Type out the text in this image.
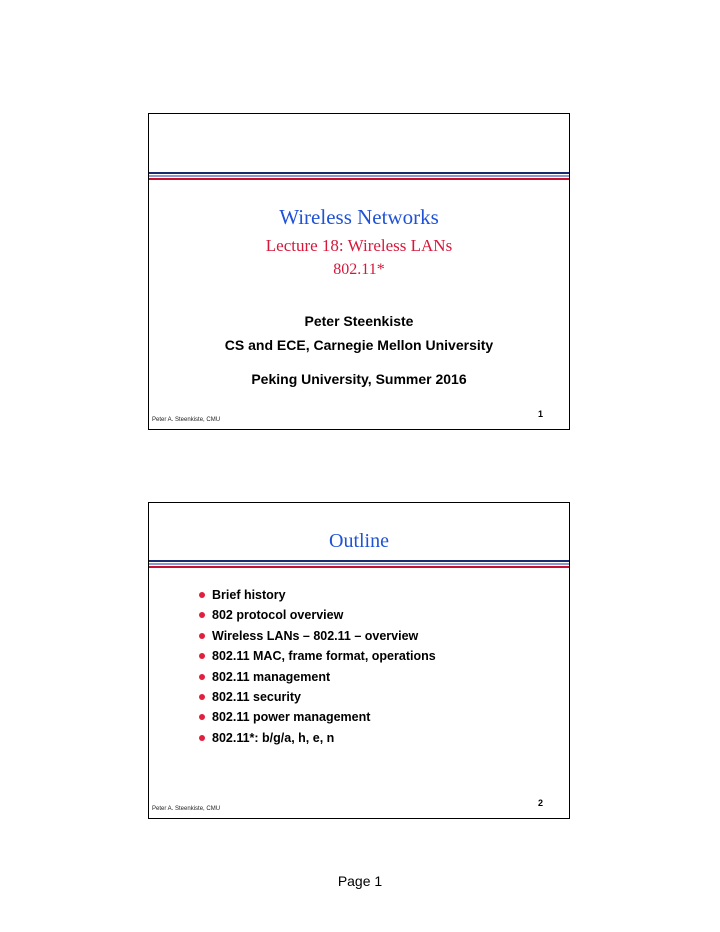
Wireless Networks
Lecture 18: Wireless LANs
802.11*
Peter Steenkiste
CS and ECE, Carnegie Mellon University
Peking University, Summer 2016
Peter A. Steenkiste, CMU
1
Outline
Brief history
802 protocol overview
Wireless LANs – 802.11 – overview
802.11 MAC, frame format, operations
802.11 management
802.11 security
802.11 power management
802.11*: b/g/a, h, e, n
Peter A. Steenkiste, CMU
2
Page 1
